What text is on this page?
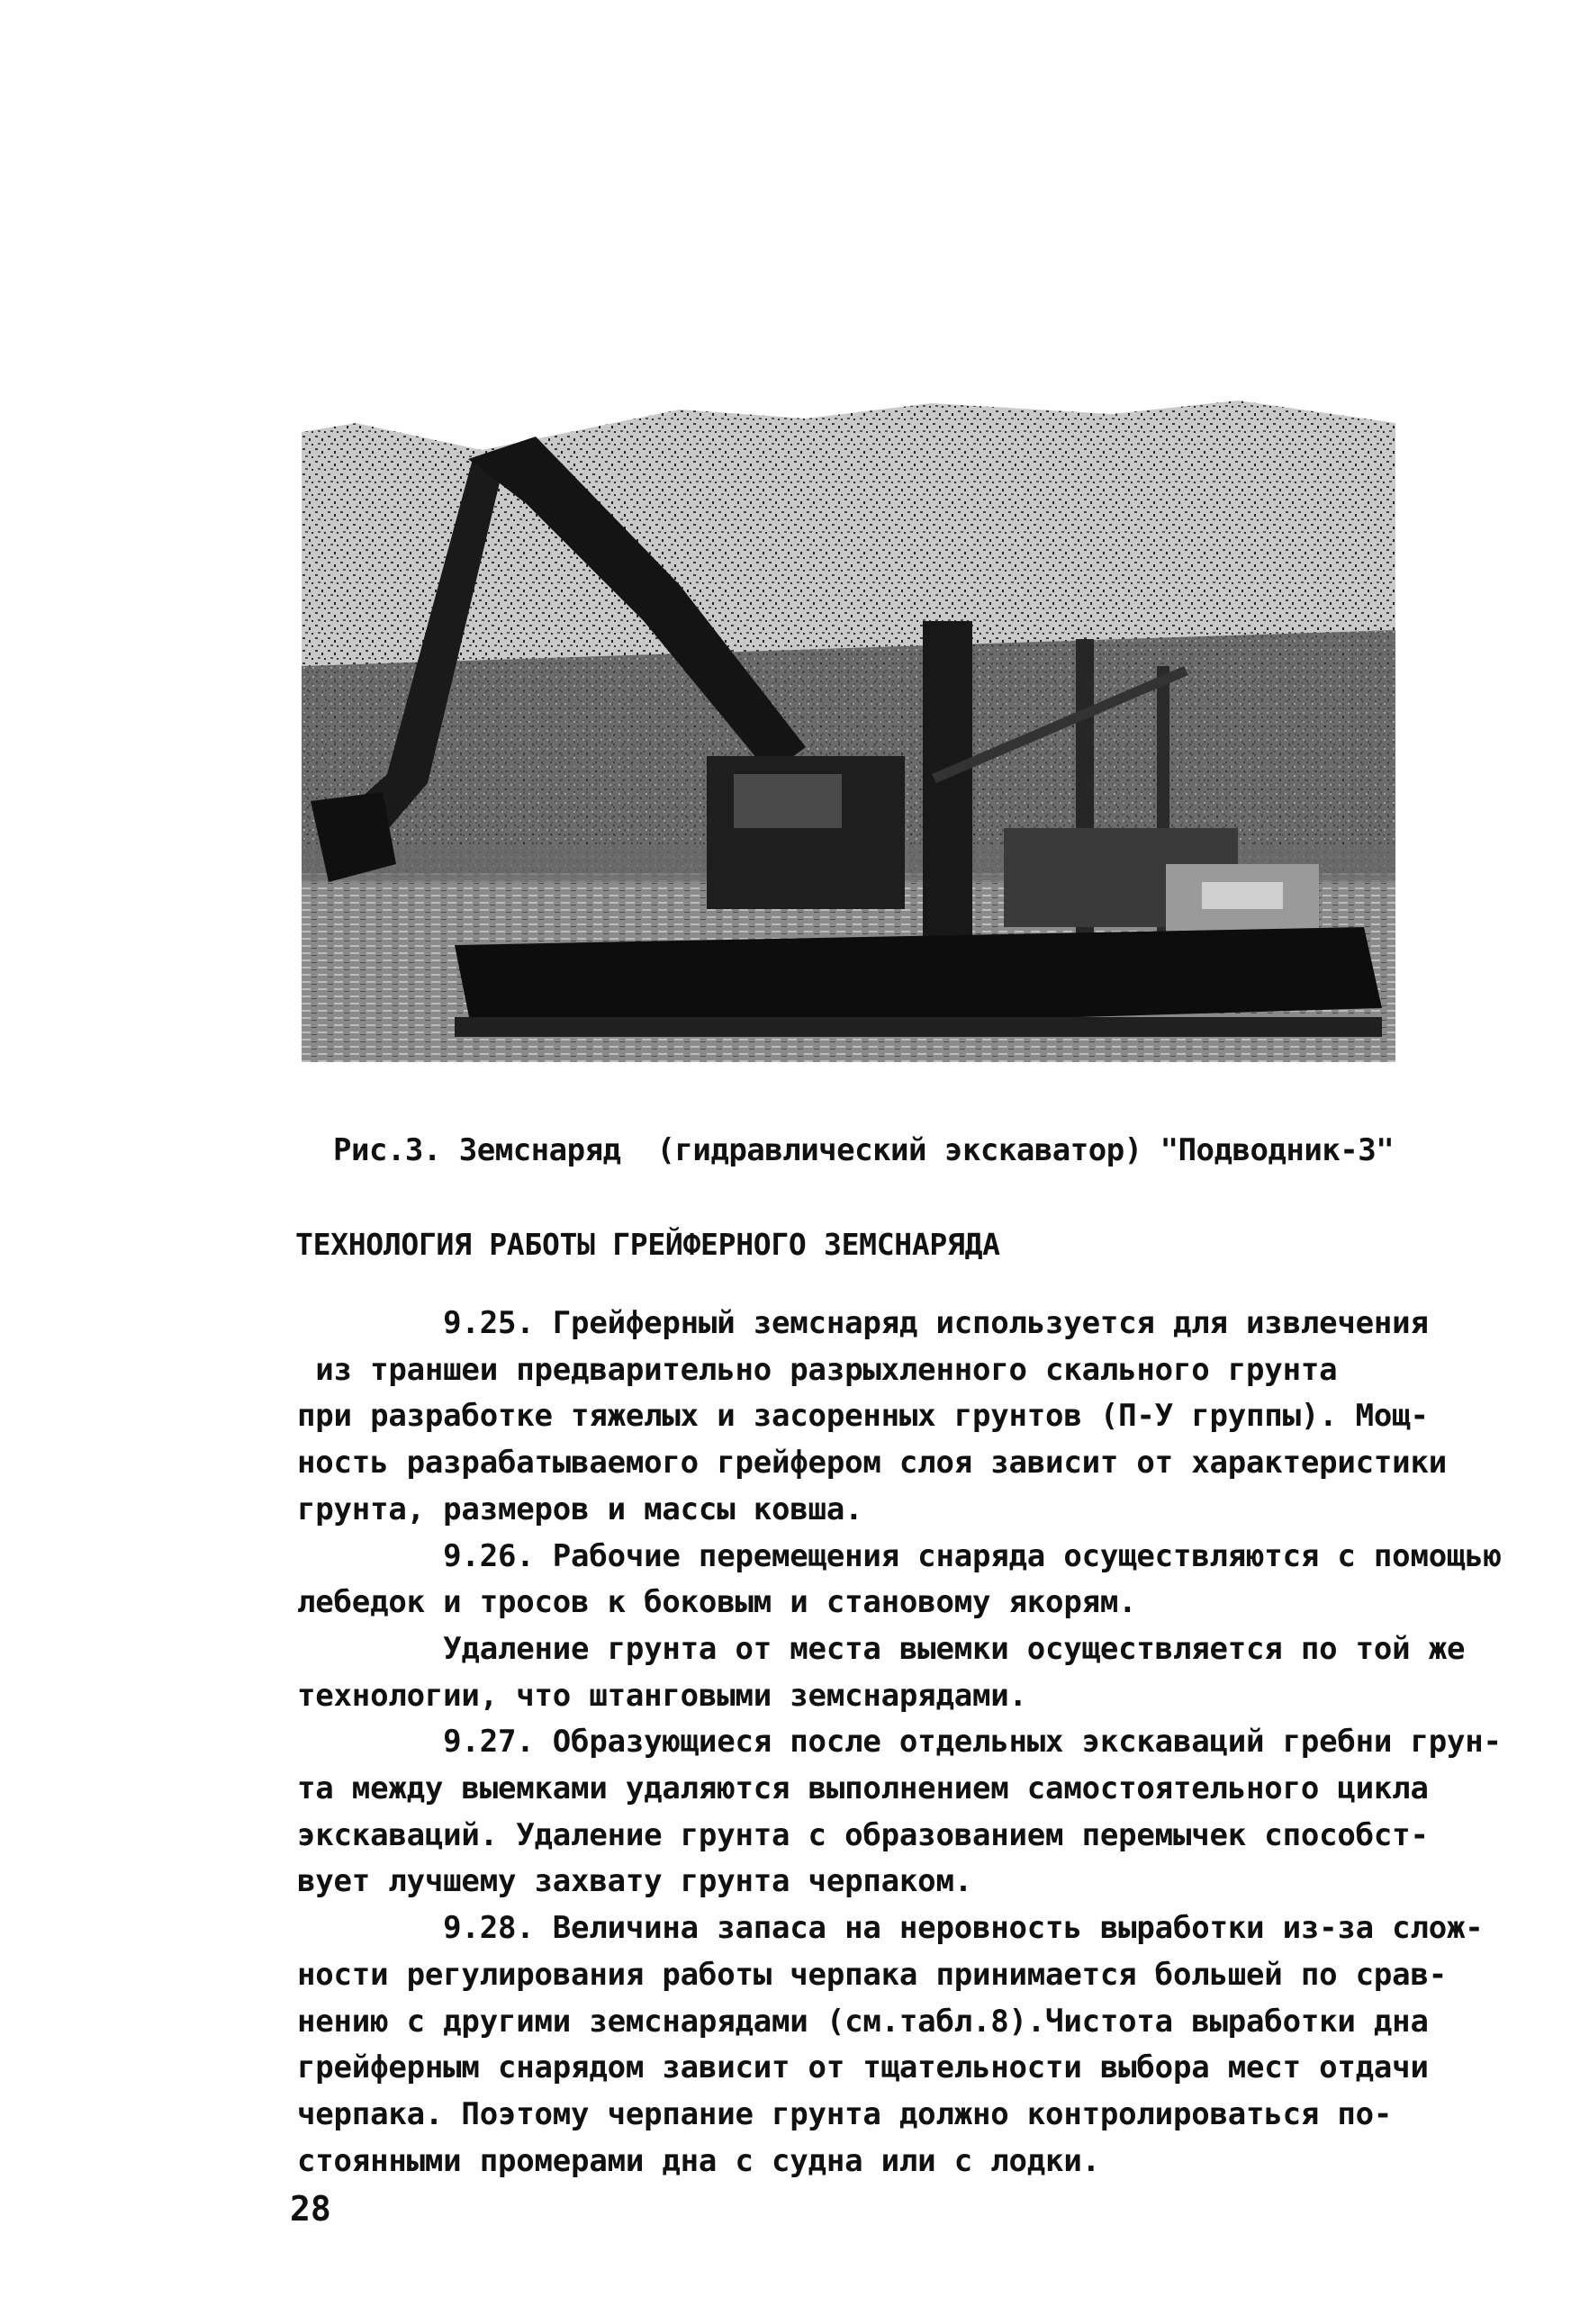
Рис.3. Земснаряд  (гидравлический экскаватор) "Подводник-3"
ТЕХНОЛОГИЯ РАБОТЫ ГРЕЙФЕРНОГО ЗЕМСНАРЯДА
9.25. Грейферный земснаряд используется для извлечения
из траншеи предварительно разрыхленного скального грунта
при разработке тяжелых и засоренных грунтов (П-У группы). Мощ-
ность разрабатываемого грейфером слоя зависит от характеристики
грунта, размеров и массы ковша.
9.26. Рабочие перемещения снаряда осуществляются с помощью
лебедок и тросов к боковым и становому якорям.
Удаление грунта от места выемки осуществляется по той же
технологии, что штанговыми земснарядами.
9.27. Образующиеся после отдельных экскаваций гребни грун-
та между выемками удаляются выполнением самостоятельного цикла
экскаваций. Удаление грунта с образованием перемычек способст-
вует лучшему захвату грунта черпаком.
9.28. Величина запаса на неровность выработки из-за слож-
ности регулирования работы черпака принимается большей по срав-
нению с другими земснарядами (см.табл.8).Чистота выработки дна
грейферным снарядом зависит от тщательности выбора мест отдачи
черпака. Поэтому черпание грунта должно контролироваться по-
стоянными промерами дна с судна или с лодки.
28
